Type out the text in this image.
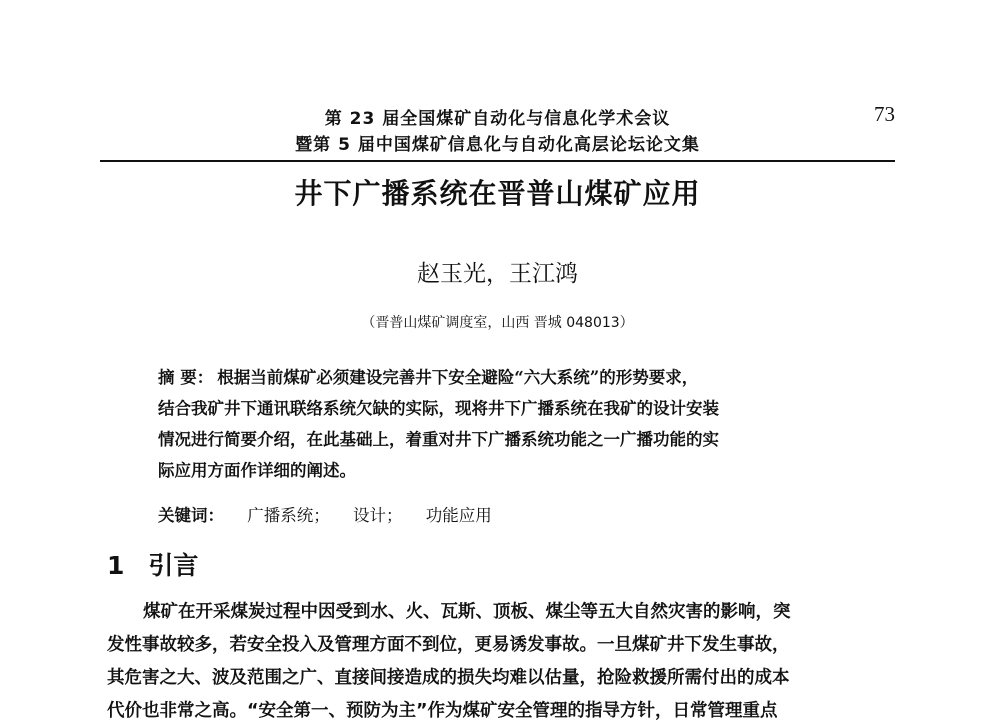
第 23 届全国煤矿自动化与信息化学术会议
暨第 5 届中国煤矿信息化与自动化高层论坛论文集
73
井下广播系统在晋普山煤矿应用
赵玉光，王江鸿
（晋普山煤矿调度室，山西 晋城 048013）
摘 要： 根据当前煤矿必须建设完善井下安全避险“六大系统”的形势要求，
结合我矿井下通讯联络系统欠缺的实际，现将井下广播系统在我矿的设计安装
情况进行简要介绍，在此基础上，着重对井下广播系统功能之一广播功能的实
际应用方面作详细的阐述。
关键词： 广播系统； 设计； 功能应用
1 引言
煤矿在开采煤炭过程中因受到水、火、瓦斯、顶板、煤尘等五大自然灾害的影响，突
发性事故较多，若安全投入及管理方面不到位，更易诱发事故。一旦煤矿井下发生事故，
其危害之大、波及范围之广、直接间接造成的损失均难以估量，抢险救援所需付出的成本
代价也非常之高。“安全第一、预防为主”作为煤矿安全管理的指导方针，日常管理重点
